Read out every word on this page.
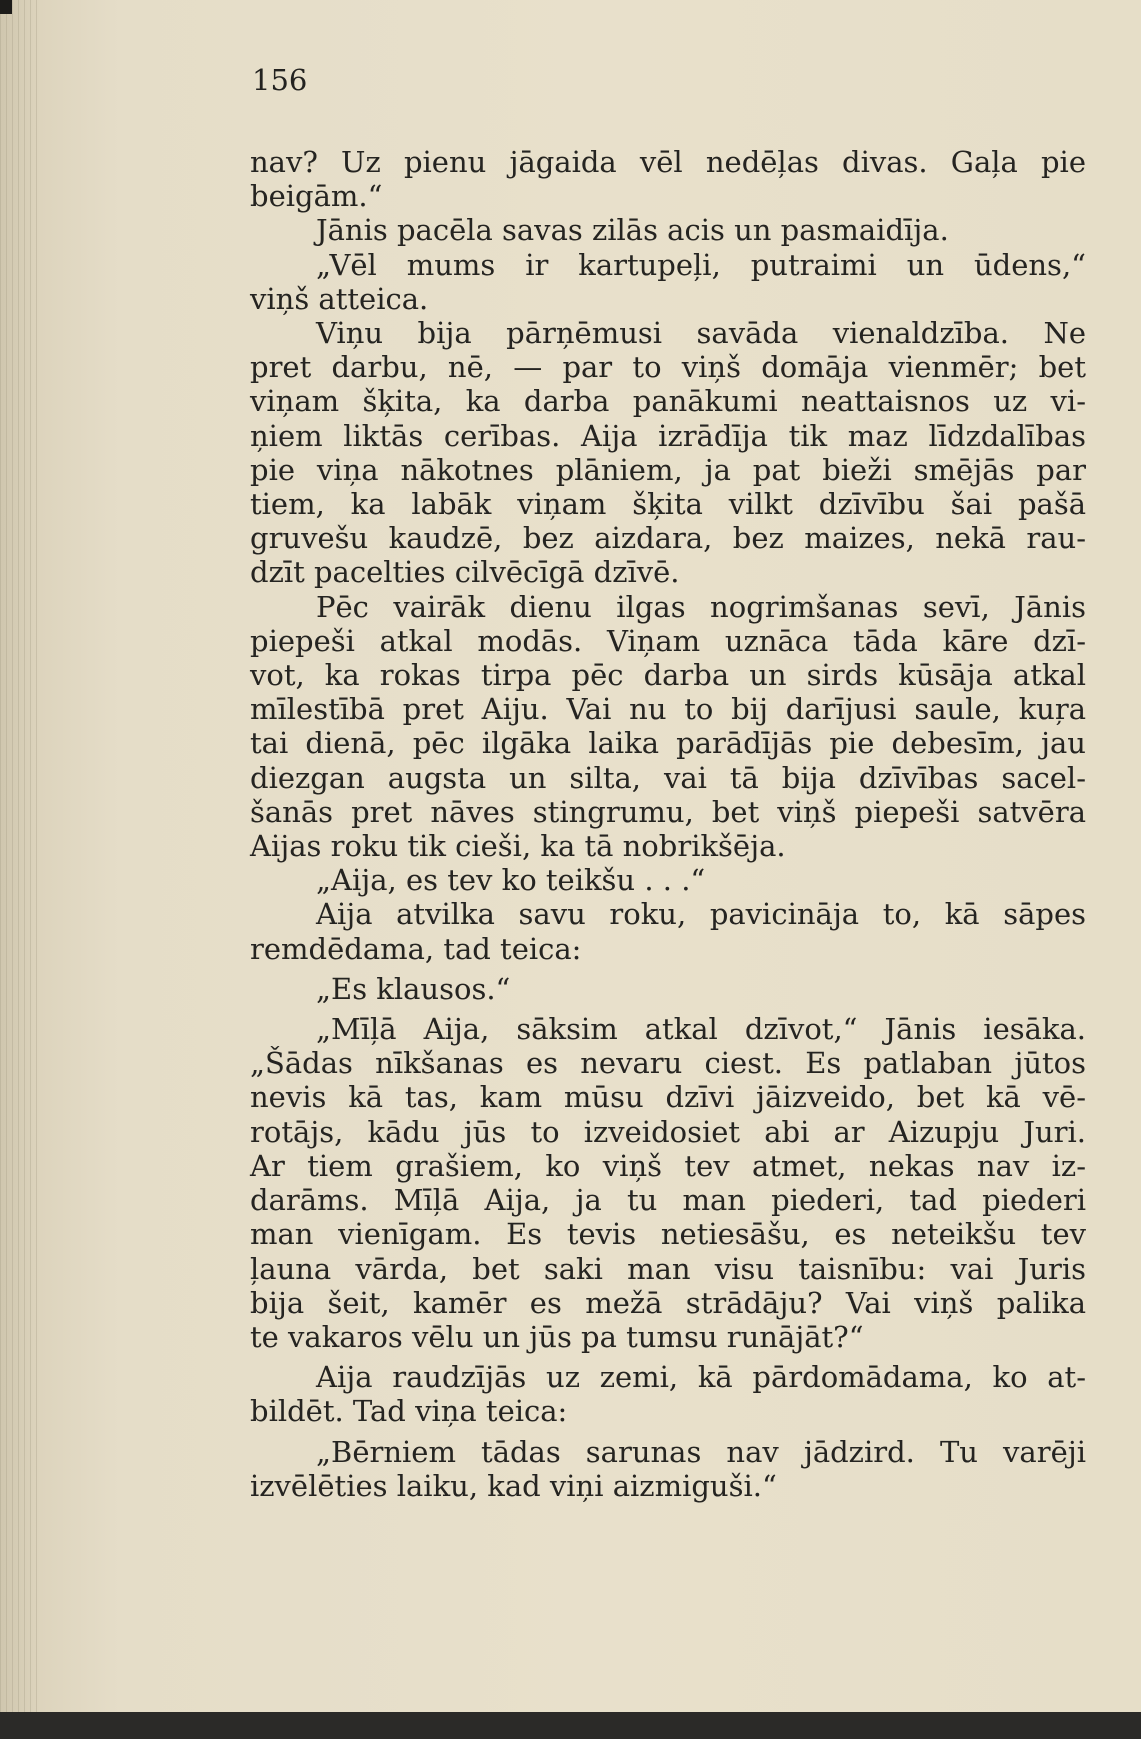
156

nav? Uz pienu jāgaida vēl nedēļas divas. Gaļa pie
beigām.“

Jānis pacēla savas zilās acis un pasmaidīja.

„Vēl mums ir kartupeļi, putraimi un ūdens,“
viņš atteica.

Viņu bija pārņēmusi savāda vienaldzība. Ne
pret darbu, nē, — par to viņš domāja vienmēr; bet
viņam šķita, ka darba panākumi neattaisnos uz vi-
ņiem liktās cerības. Aija izrādīja tik maz līdzdalības
pie viņa nākotnes plāniem, ja pat bieži smējās par
tiem, ka labāk viņam šķita vilkt dzīvību šai pašā
gruvešu kaudzē, bez aizdara, bez maizes, nekā rau-
dzīt pacelties cilvēcīgā dzīvē.

Pēc vairāk dienu ilgas nogrimšanas sevī, Jānis
piepeši atkal modās. Viņam uznāca tāda kāre dzī-
vot, ka rokas tirpa pēc darba un sirds kūsāja atkal
mīlestībā pret Aiju. Vai nu to bij darījusi saule, kuŗa
tai dienā, pēc ilgāka laika parādījās pie debesīm, jau
diezgan augsta un silta, vai tā bija dzīvības sacel-
šanās pret nāves stingrumu, bet viņš piepeši satvēra
Aijas roku tik cieši, ka tā nobrikšēja.

„Aija, es tev ko teikšu . . .“

Aija atvilka savu roku, pavicināja to, kā sāpes
remdēdama, tad teica:

„Es klausos.“

„Mīļā Aija, sāksim atkal dzīvot,“ Jānis iesāka.
„Šādas nīkšanas es nevaru ciest. Es patlaban jūtos
nevis kā tas, kam mūsu dzīvi jāizveido, bet kā vē-
rotājs, kādu jūs to izveidosiet abi ar Aizupju Juri.
Ar tiem grašiem, ko viņš tev atmet, nekas nav iz-
darāms. Mīļā Aija, ja tu man piederi, tad piederi
man vienīgam. Es tevis netiesāšu, es neteikšu tev
ļauna vārda, bet saki man visu taisnību: vai Juris
bija šeit, kamēr es mežā strādāju? Vai viņš palika
te vakaros vēlu un jūs pa tumsu runājāt?“

Aija raudzījās uz zemi, kā pārdomādama, ko at-
bildēt. Tad viņa teica:

„Bērniem tādas sarunas nav jādzird. Tu varēji
izvēlēties laiku, kad viņi aizmiguši.“
